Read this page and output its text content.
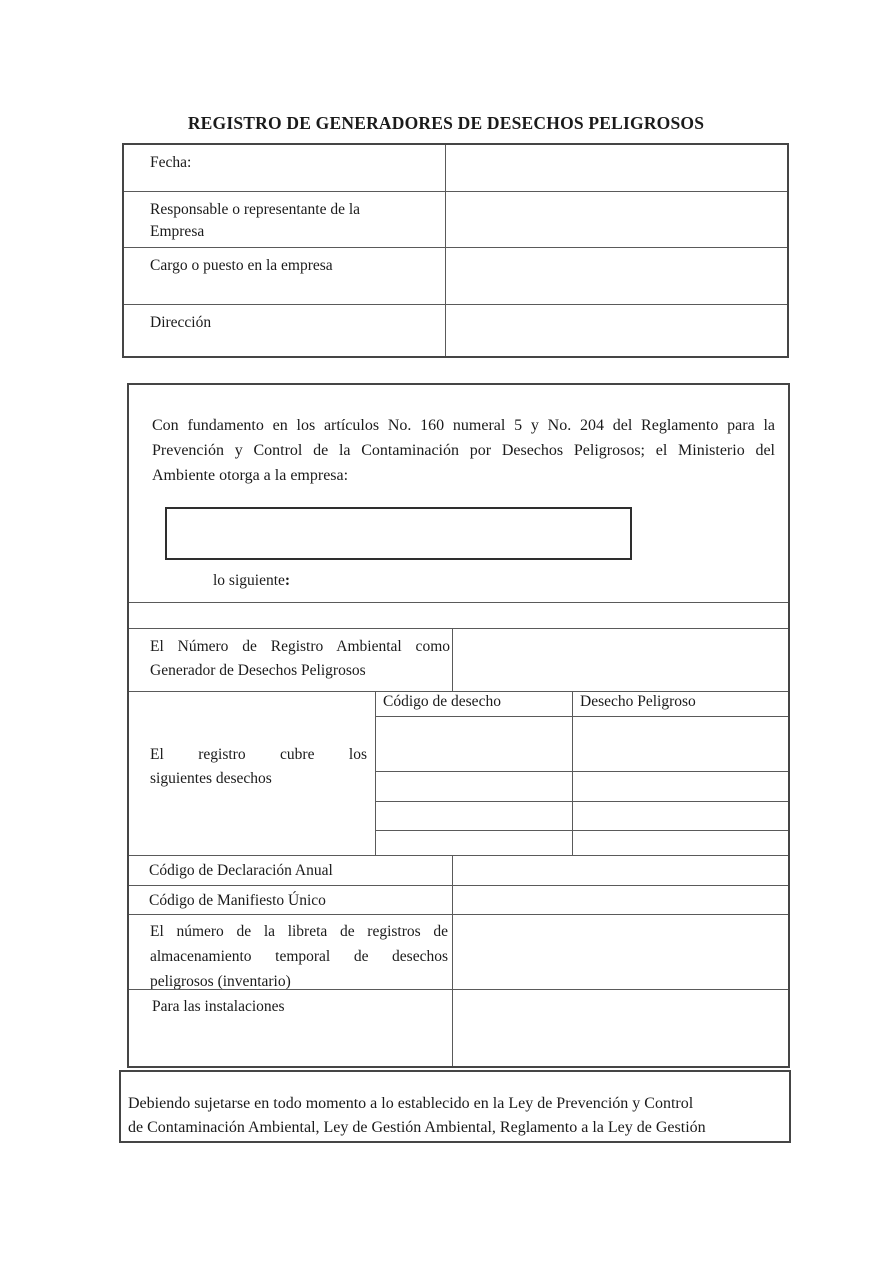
REGISTRO DE GENERADORES DE DESECHOS PELIGROSOS
Fecha:
Responsable o representante de la
Empresa
Cargo o puesto en la empresa
Dirección
Con fundamento en los artículos No. 160 numeral 5 y No. 204 del Reglamento para la
Prevención y Control de la Contaminación por Desechos Peligrosos; el Ministerio del
Ambiente otorga a la empresa:
lo siguiente:
El Número de Registro Ambiental como
Generador de Desechos Peligrosos
El registro cubre los
siguientes desechos
Código de desecho	Desecho Peligroso
Código de Declaración Anual
Código de Manifiesto Único
El número de la libreta de registros de
almacenamiento temporal de desechos
peligrosos (inventario)
Para las instalaciones
Debiendo sujetarse en todo momento a lo establecido en la Ley de Prevención y Control
de Contaminación Ambiental, Ley de Gestión Ambiental, Reglamento a la Ley de Gestión
